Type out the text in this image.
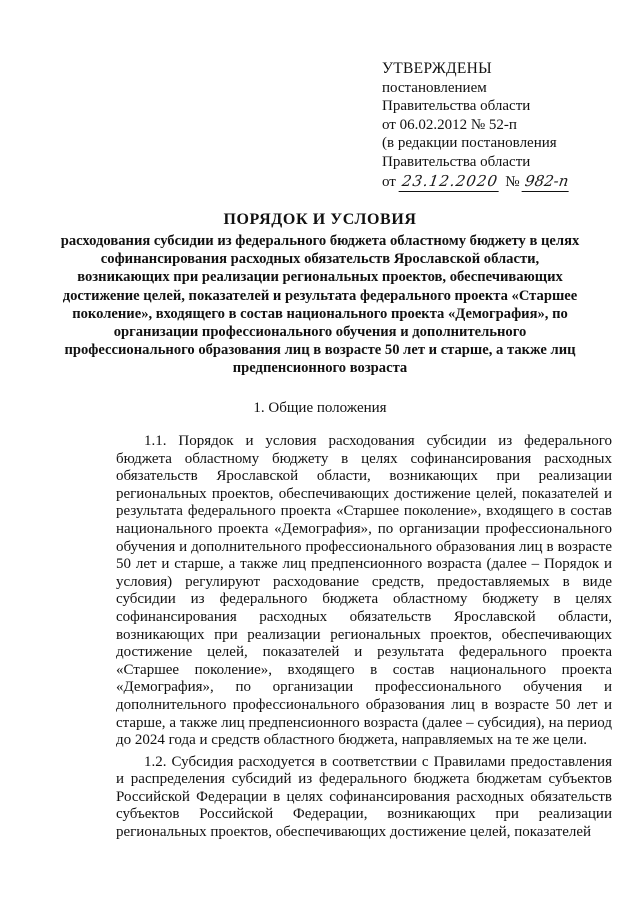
УТВЕРЖДЕНЫ
постановлением
Правительства области
от 06.02.2012 № 52-п
(в редакции постановления
Правительства области
от 23.12.2020 № 982-п
ПОРЯДОК И УСЛОВИЯ
расходования субсидии из федерального бюджета областному бюджету в целях софинансирования расходных обязательств Ярославской области, возникающих при реализации региональных проектов, обеспечивающих достижение целей, показателей и результата федерального проекта «Старшее поколение», входящего в состав национального проекта «Демография», по организации профессионального обучения и дополнительного профессионального образования лиц в возрасте 50 лет и старше, а также лиц предпенсионного возраста
1. Общие положения

1.1. Порядок и условия расходования субсидии из федерального бюджета областному бюджету в целях софинансирования расходных обязательств Ярославской области, возникающих при реализации региональных проектов, обеспечивающих достижение целей, показателей и результата федерального проекта «Старшее поколение», входящего в состав национального проекта «Демография», по организации профессионального обучения и дополнительного профессионального образования лиц в возрасте 50 лет и старше, а также лиц предпенсионного возраста (далее – Порядок и условия) регулируют расходование средств, предоставляемых в виде субсидии из федерального бюджета областному бюджету в целях софинансирования расходных обязательств Ярославской области, возникающих при реализации региональных проектов, обеспечивающих достижение целей, показателей и результата федерального проекта «Старшее поколение», входящего в состав национального проекта «Демография», по организации профессионального обучения и дополнительного профессионального образования лиц в возрасте 50 лет и старше, а также лиц предпенсионного возраста (далее – субсидия), на период до 2024 года и средств областного бюджета, направляемых на те же цели.

1.2. Субсидия расходуется в соответствии с Правилами предоставления и распределения субсидий из федерального бюджета бюджетам субъектов Российской Федерации в целях софинансирования расходных обязательств субъектов Российской Федерации, возникающих при реализации региональных проектов, обеспечивающих достижение целей, показателей
